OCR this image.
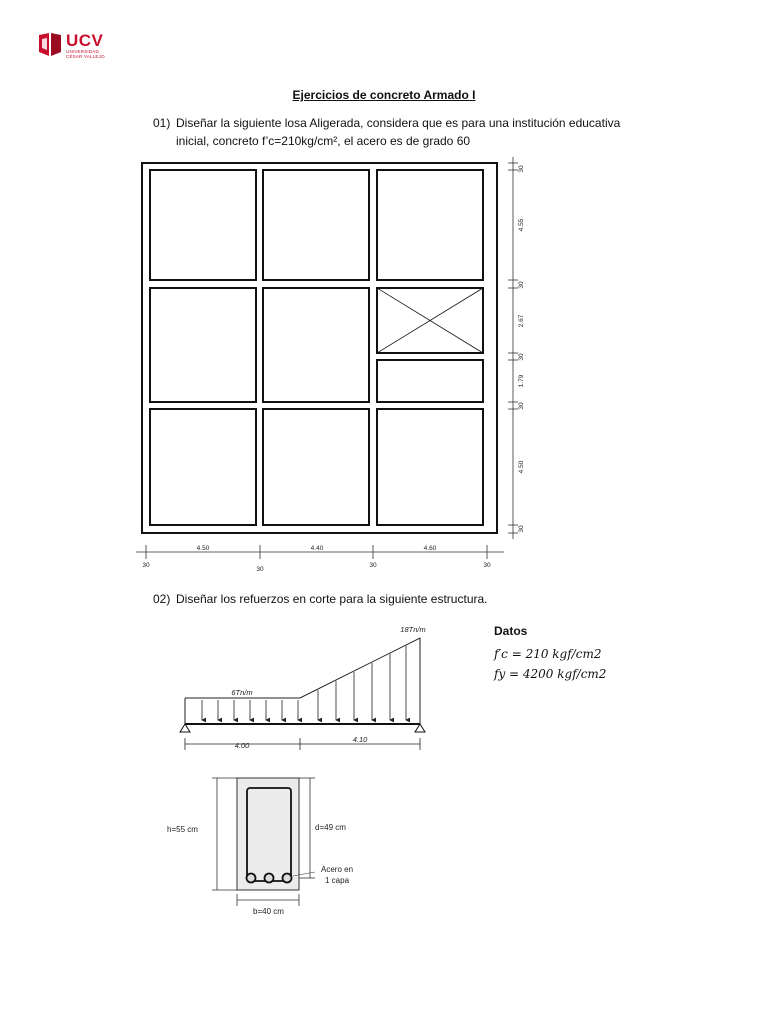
UCV
UNIVERSIDAD
CÉSAR VALLEJO
Ejercicios de concreto Armado I
01) Diseñar la siguiente losa Aligerada, considera que es para una institución educativa
inicial, concreto f’c=210kg/cm², el acero es de grado 60
30
4.55
30
2.67
30
1.79
30
4.50
30
4.50	4.40	4.60
30
30
30	30
02) Diseñar los refuerzos en corte para la siguiente estructura.
6Tn/m
18Tn/m
4.00
4.10
Datos
f′c = 210 kgf/cm2
fy = 4200 kgf/cm2
h=55 cm	d=49 cm
b=40 cm
Acero en
1 capa
